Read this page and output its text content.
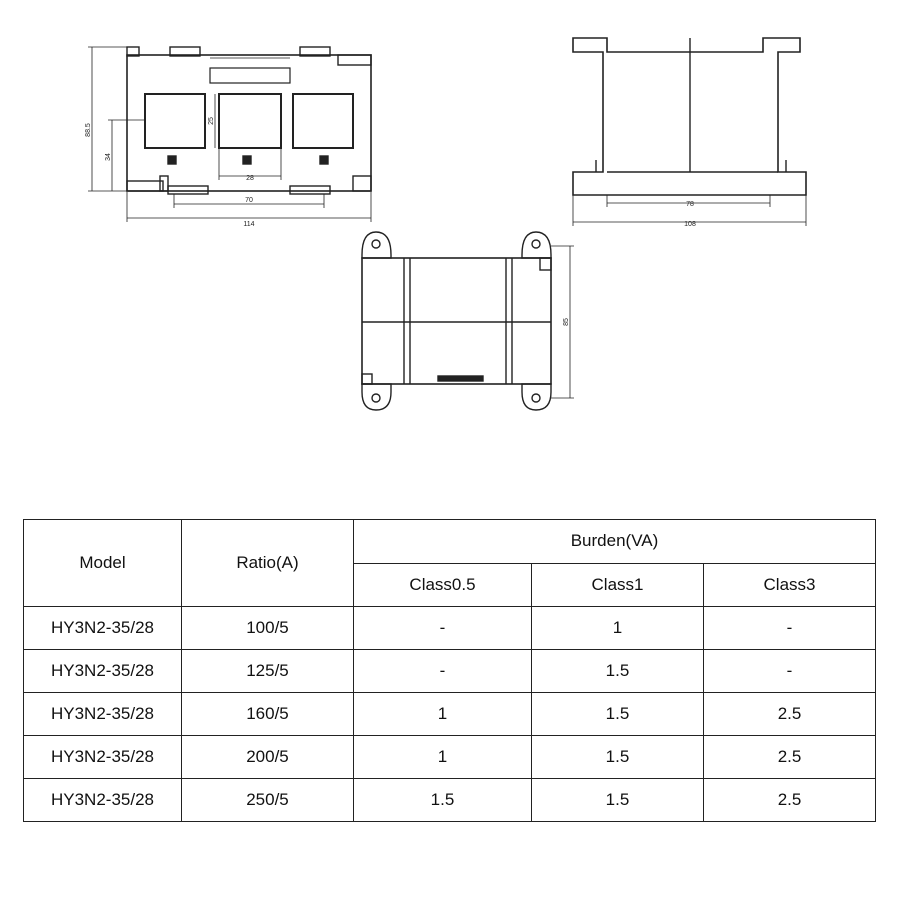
88.5
34
25
28
70
114
S1	S1	S1
78
108
85
Model	Ratio(A)	Burden(VA)		
		Class0.5	Class1	Class3
HY3N2-35/28	100/5	-	1	-
HY3N2-35/28	125/5	-	1.5	-
HY3N2-35/28	160/5	1	1.5	2.5
HY3N2-35/28	200/5	1	1.5	2.5
HY3N2-35/28	250/5	1.5	1.5	2.5
